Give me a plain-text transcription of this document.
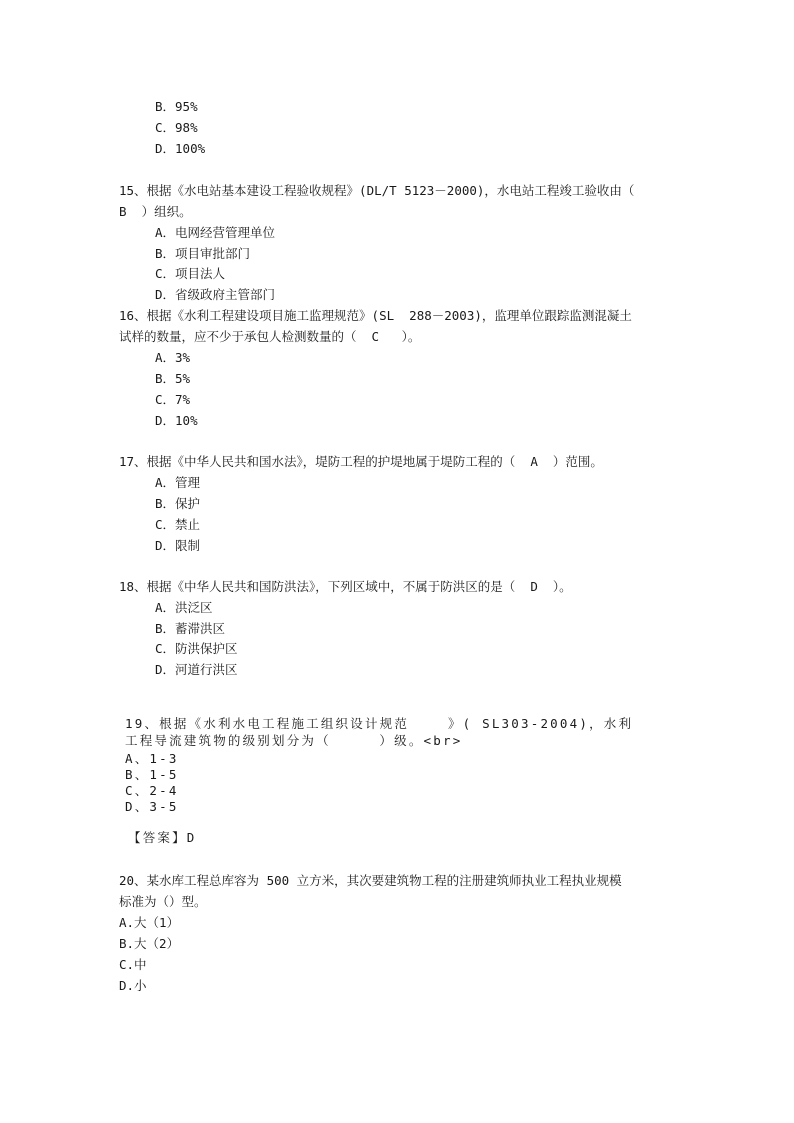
B．95%
C．98%
D．100%
15、根据《水电站基本建设工程验收规程》(DL/T 5123－2000)，水电站工程竣工验收由（
B  ）组织。
A．电网经营管理单位
B．项目审批部门
C．项目法人
D．省级政府主管部门
16、根据《水利工程建设项目施工监理规范》(SL  288－2003)，监理单位跟踪监测混凝土
试样的数量，应不少于承包人检测数量的（  C   ）。
A．3%
B．5%
C．7%
D．10%
17、根据《中华人民共和国水法》，堤防工程的护堤地属于堤防工程的（  A  ）范围。
A．管理
B．保护
C．禁止
D．限制
18、根据《中华人民共和国防洪法》，下列区域中，不属于防洪区的是（  D  ）。
A．洪泛区
B．蓄滞洪区
C．防洪保护区
D．河道行洪区
19、根据《水利水电工程施工组织设计规范    》( SL303-2004)，水利
工程导流建筑物的级别划分为（     ）级。<br>
A、1-3
B、1-5
C、2-4
D、3-5
【答案】D
20、某水库工程总库容为 500 立方米，其次要建筑物工程的注册建筑师执业工程执业规模
标准为（）型。
A.大（1）
B.大（2）
C.中
D.小
